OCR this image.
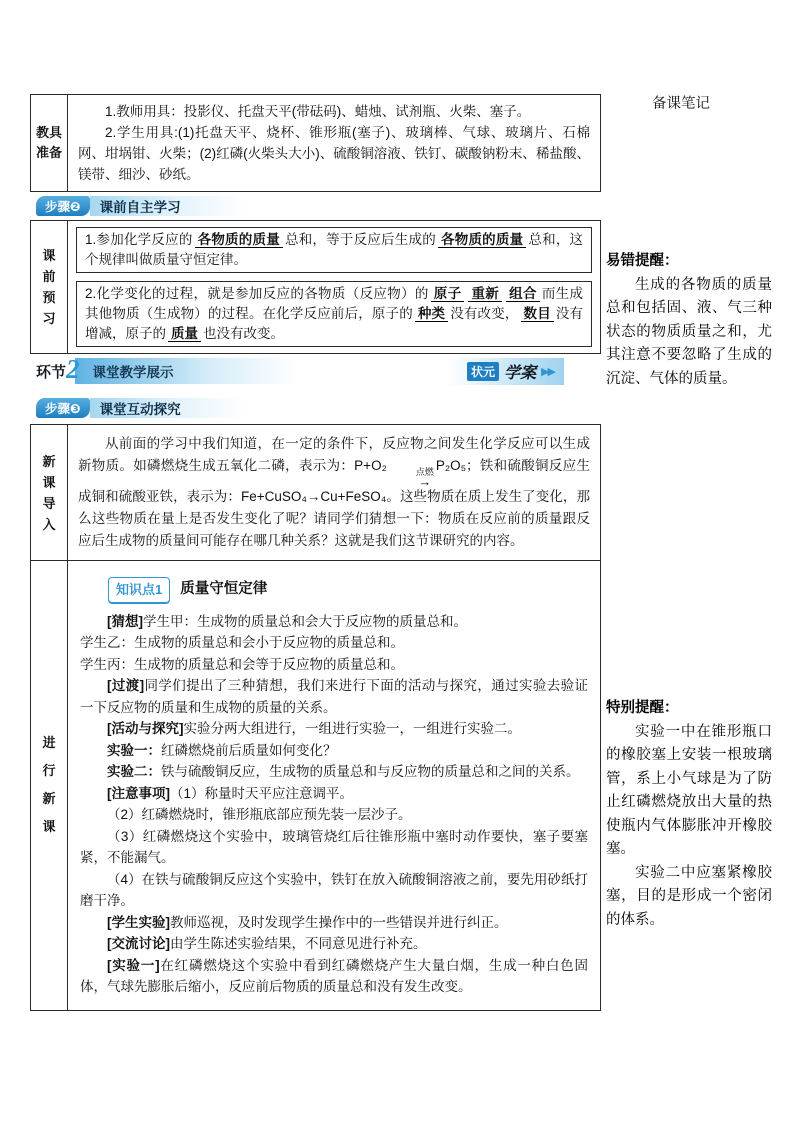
教具准备

1.教师用具：投影仪、托盘天平(带砝码)、蜡烛、试剂瓶、火柴、塞子。

2.学生用具:(1)托盘天平、烧杯、锥形瓶(塞子)、玻璃棒、气球、玻璃片、石棉网、坩埚钳、火柴；(2)红磷(火柴头大小)、硫酸铜溶液、铁钉、碳酸钠粉末、稀盐酸、镁带、细沙、砂纸。

步骤❷	课前自主学习
课前预习
1.参加化学反应的 各物质的质量 总和，等于反应后生成的 各物质的质量 总和，这个规律叫做质量守恒定律。
2.化学变化的过程，就是参加反应的各物质（反应物）的 原子 重新 组合 而生成其他物质（生成物）的过程。在化学反应前后，原子的 种类 没有改变， 数目 没有增减，原子的 质量 也没有改变。
环节 2 课堂教学展示	状元 学案 ▶▶
步骤❸	课堂互动探究
新课导入

从前面的学习中我们知道，在一定的条件下，反应物之间发生化学反应可以生成新物质。如磷燃烧生成五氧化二磷，表示为：P+O₂	点燃
→
P₂O₅；铁和硫酸铜反应生成铜和硫酸亚铁，表示为：Fe+CuSO₄→Cu+FeSO₄。这些物质在质上发生了变化，那么这些物质在量上是否发生变化了呢？请同学们猜想一下：物质在反应前的质量跟反应后生成物的质量间可能存在哪几种关系？这就是我们这节课研究的内容。

进行新课
知识点1	质量守恒定律

[猜想]学生甲：生成物的质量总和会大于反应物的质量总和。

学生乙：生成物的质量总和会小于反应物的质量总和。

学生丙：生成物的质量总和会等于反应物的质量总和。

[过渡]同学们提出了三种猜想，我们来进行下面的活动与探究，通过实验去验证一下反应物的质量和生成物的质量的关系。

[活动与探究]实验分两大组进行，一组进行实验一，一组进行实验二。

实验一：红磷燃烧前后质量如何变化？

实验二：铁与硫酸铜反应，生成物的质量总和与反应物的质量总和之间的关系。

[注意事项]（1）称量时天平应注意调平。

（2）红磷燃烧时，锥形瓶底部应预先装一层沙子。

（3）红磷燃烧这个实验中，玻璃管烧红后往锥形瓶中塞时动作要快，塞子要塞紧，不能漏气。

（4）在铁与硫酸铜反应这个实验中，铁钉在放入硫酸铜溶液之前，要先用砂纸打磨干净。

[学生实验]教师巡视，及时发现学生操作中的一些错误并进行纠正。

[交流讨论]由学生陈述实验结果，不同意见进行补充。

[实验一]在红磷燃烧这个实验中看到红磷燃烧产生大量白烟，生成一种白色固体，气球先膨胀后缩小，反应前后物质的质量总和没有发生改变。

备课笔记
易错提醒：

生成的各物质的质量总和包括固、液、气三种状态的物质质量之和，尤其注意不要忽略了生成的沉淀、气体的质量。

特别提醒：

实验一中在锥形瓶口的橡胶塞上安装一根玻璃管，系上小气球是为了防止红磷燃烧放出大量的热使瓶内气体膨胀冲开橡胶塞。

实验二中应塞紧橡胶塞，目的是形成一个密闭的体系。
